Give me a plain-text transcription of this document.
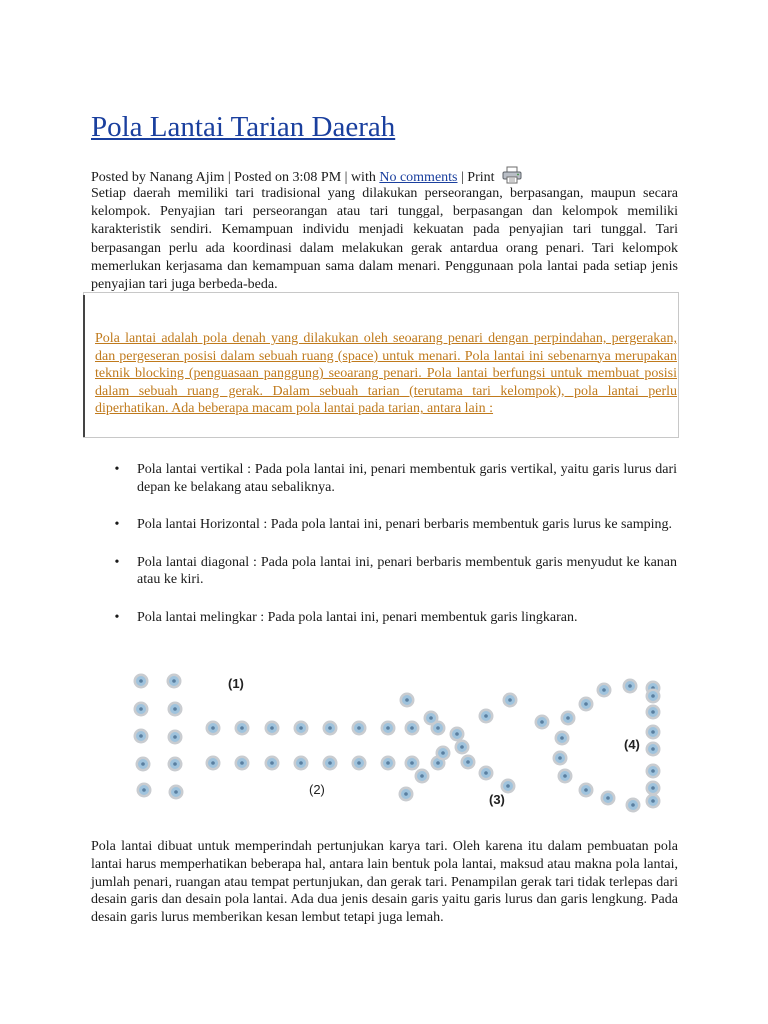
Pola Lantai Tarian Daerah
Posted by Nanang Ajim | Posted on 3:08 PM | with No comments | Print

Setiap daerah memiliki tari tradisional yang dilakukan perseorangan, berpasangan, maupun secara kelompok. Penyajian tari perseorangan atau tari tunggal, berpasangan dan kelompok memiliki karakteristik sendiri. Kemampuan individu menjadi kekuatan pada penyajian tari tunggal. Tari berpasangan perlu ada koordinasi dalam melakukan gerak antardua orang penari. Tari kelompok memerlukan kerjasama dan kemampuan sama dalam menari. Penggunaan pola lantai pada setiap jenis penyajian tari juga berbeda-beda.

Pola lantai adalah pola denah yang dilakukan oleh seoarang penari dengan perpindahan, pergerakan, dan pergeseran posisi dalam sebuah ruang (space) untuk menari. Pola lantai ini sebenarnya merupakan teknik blocking (penguasaan panggung) seoarang penari. Pola lantai berfungsi untuk membuat posisi dalam sebuah ruang gerak. Dalam sebuah tarian (terutama tari kelompok), pola lantai perlu diperhatikan. Ada beberapa macam pola lantai pada tarian, antara lain :

• Pola lantai vertikal : Pada pola lantai ini, penari membentuk garis vertikal, yaitu garis lurus dari depan ke belakang atau sebaliknya.
• Pola lantai Horizontal : Pada pola lantai ini, penari berbaris membentuk garis lurus ke samping.
• Pola lantai diagonal : Pada pola lantai ini, penari berbaris membentuk garis menyudut ke kanan atau ke kiri.
• Pola lantai melingkar : Pada pola lantai ini, penari membentuk garis lingkaran.
(1)
(2)
(3)
(4)

Pola lantai dibuat untuk memperindah pertunjukan karya tari. Oleh karena itu dalam pembuatan pola lantai harus memperhatikan beberapa hal, antara lain bentuk pola lantai, maksud atau makna pola lantai, jumlah penari, ruangan atau tempat pertunjukan, dan gerak tari. Penampilan gerak tari tidak terlepas dari desain garis dan desain pola lantai. Ada dua jenis desain garis yaitu garis lurus dan garis lengkung. Pada desain garis lurus memberikan kesan lembut tetapi juga lemah.
